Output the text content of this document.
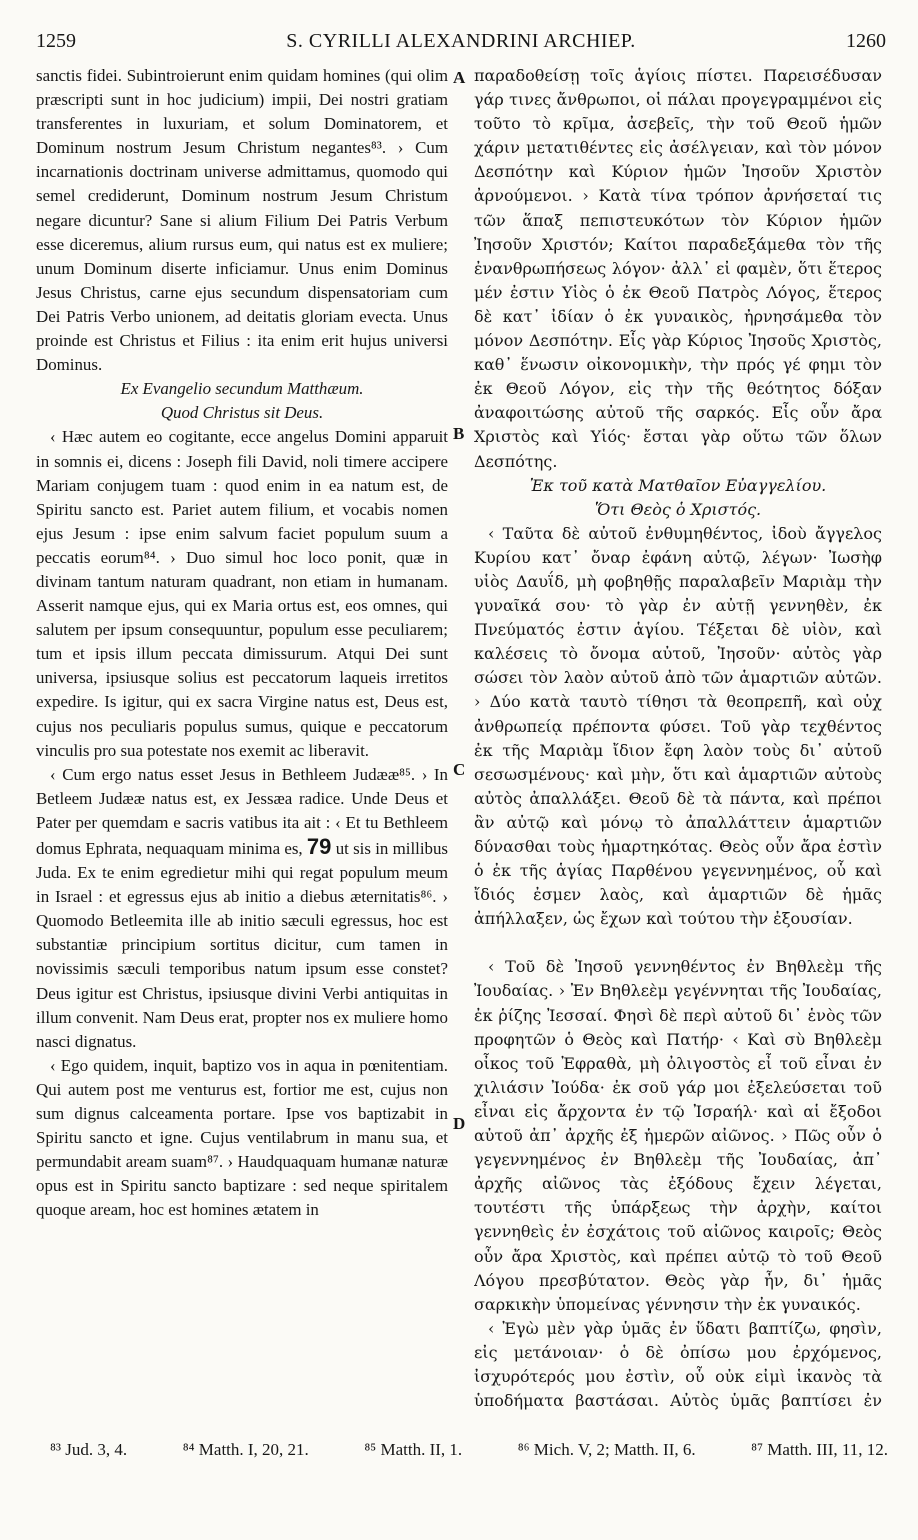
1259	S. CYRILLI ALEXANDRINI ARCHIEP.	1260
A
B
C
D

sanctis fidei. Subintroierunt enim quidam homines (qui olim præscripti sunt in hoc judicium) impii, Dei nostri gratiam transferentes in luxuriam, et solum Dominatorem, et Dominum nostrum Jesum Christum negantes⁸³. › Cum incarnationis doctrinam universe admittamus, quomodo qui semel crediderunt, Dominum nostrum Jesum Christum negare dicuntur? Sane si alium Filium Dei Patris Verbum esse diceremus, alium rursus eum, qui natus est ex muliere; unum Dominum diserte inficiamur. Unus enim Dominus Jesus Christus, carne ejus secundum dispensatoriam cum Dei Patris Verbo unionem, ad deitatis gloriam evecta. Unus proinde est Christus et Filius : ita enim erit hujus universi Dominus.

Ex Evangelio secundum Matthæum.

Quod Christus sit Deus.

‹ Hæc autem eo cogitante, ecce angelus Domini apparuit in somnis ei, dicens : Joseph fili David, noli timere accipere Mariam conjugem tuam : quod enim in ea natum est, de Spiritu sancto est. Pariet autem filium, et vocabis nomen ejus Jesum : ipse enim salvum faciet populum suum a peccatis eorum⁸⁴. › Duo simul hoc loco ponit, quæ in divinam tantum naturam quadrant, non etiam in humanam. Asserit namque ejus, qui ex Maria ortus est, eos omnes, qui salutem per ipsum consequuntur, populum esse peculiarem; tum et ipsis illum peccata dimissurum. Atqui Dei sunt universa, ipsiusque solius est peccatorum laqueis irretitos expedire. Is igitur, qui ex sacra Virgine natus est, Deus est, cujus nos peculiaris populus sumus, quique e peccatorum vinculis pro sua potestate nos exemit ac liberavit.

‹ Cum ergo natus esset Jesus in Bethleem Judææ⁸⁵. › In Betleem Judææ natus est, ex Jessæa radice. Unde Deus et Pater per quemdam e sacris vatibus ita ait : ‹ Et tu Bethleem domus Ephrata, nequaquam minima es, 79 ut sis in millibus Juda. Ex te enim egredietur mihi qui regat populum meum in Israel : et egressus ejus ab initio a diebus æternitatis⁸⁶. › Quomodo Betleemita ille ab initio sæculi egressus, hoc est substantiæ principium sortitus dicitur, cum tamen in novissimis sæculi temporibus natum ipsum esse constet? Deus igitur est Christus, ipsiusque divini Verbi antiquitas in illum convenit. Nam Deus erat, propter nos ex muliere homo nasci dignatus.

‹ Ego quidem, inquit, baptizo vos in aqua in pœnitentiam. Qui autem post me venturus est, fortior me est, cujus non sum dignus calceamenta portare. Ipse vos baptizabit in Spiritu sancto et igne. Cujus ventilabrum in manu sua, et permundabit aream suam⁸⁷. › Haudquaquam humanæ naturæ opus est in Spiritu sancto baptizare : sed neque spiritalem quoque aream, hoc est homines ætatem in

παραδοθείσῃ τοῖς ἁγίοις πίστει. Παρεισέδυσαν γάρ τινες ἄνθρωποι, οἱ πάλαι προγεγραμμένοι εἰς τοῦτο τὸ κρῖμα, ἀσεβεῖς, τὴν τοῦ Θεοῦ ἡμῶν χάριν μετατιθέντες εἰς ἀσέλγειαν, καὶ τὸν μόνον Δεσπότην καὶ Κύριον ἡμῶν Ἰησοῦν Χριστὸν ἀρνούμενοι. › Κατὰ τίνα τρόπον ἀρνήσεταί τις τῶν ἅπαξ πεπιστευκότων τὸν Κύριον ἡμῶν Ἰησοῦν Χριστόν; Καίτοι παραδεξάμεθα τὸν τῆς ἐνανθρωπήσεως λόγον· ἀλλ᾽ εἰ φαμὲν, ὅτι ἕτερος μέν ἐστιν Υἱὸς ὁ ἐκ Θεοῦ Πατρὸς Λόγος, ἕτερος δὲ κατ᾽ ἰδίαν ὁ ἐκ γυναικὸς, ἠρνησάμεθα τὸν μόνον Δεσπότην. Εἷς γὰρ Κύριος Ἰησοῦς Χριστὸς, καθ᾽ ἕνωσιν οἰκονομικὴν, τὴν πρός γέ φημι τὸν ἐκ Θεοῦ Λόγον, εἰς τὴν τῆς θεότητος δόξαν ἀναφοιτώσης αὐτοῦ τῆς σαρκός. Εἷς οὖν ἄρα Χριστὸς καὶ Υἱός· ἔσται γὰρ οὕτω τῶν ὅλων Δεσπότης.

Ἐκ τοῦ κατὰ Ματθαῖον Εὐαγγελίου.

Ὅτι Θεὸς ὁ Χριστός.

‹ Ταῦτα δὲ αὐτοῦ ἐνθυμηθέντος, ἰδοὺ ἄγγελος Κυρίου κατ᾽ ὄναρ ἐφάνη αὐτῷ, λέγων· Ἰωσὴφ υἱὸς Δαυΐδ, μὴ φοβηθῇς παραλαβεῖν Μαριὰμ τὴν γυναῖκά σου· τὸ γὰρ ἐν αὐτῇ γεννηθὲν, ἐκ Πνεύματός ἐστιν ἁγίου. Τέξεται δὲ υἱὸν, καὶ καλέσεις τὸ ὄνομα αὐτοῦ, Ἰησοῦν· αὐτὸς γὰρ σώσει τὸν λαὸν αὐτοῦ ἀπὸ τῶν ἁμαρτιῶν αὐτῶν. › Δύο κατὰ ταυτὸ τίθησι τὰ θεοπρεπῆ, καὶ οὐχ ἀνθρωπείᾳ πρέποντα φύσει. Τοῦ γὰρ τεχθέντος ἐκ τῆς Μαριὰμ ἴδιον ἔφη λαὸν τοὺς δι᾽ αὐτοῦ σεσωσμένους· καὶ μὴν, ὅτι καὶ ἁμαρτιῶν αὐτοὺς αὐτὸς ἀπαλλάξει. Θεοῦ δὲ τὰ πάντα, καὶ πρέποι ἂν αὐτῷ καὶ μόνῳ τὸ ἀπαλλάττειν ἁμαρτιῶν δύνασθαι τοὺς ἡμαρτηκότας. Θεὸς οὖν ἄρα ἐστὶν ὁ ἐκ τῆς ἁγίας Παρθένου γεγεννημένος, οὗ καὶ ἴδιός ἐσμεν λαὸς, καὶ ἁμαρτιῶν δὲ ἡμᾶς ἀπήλλαξεν, ὡς ἔχων καὶ τούτου τὴν ἐξουσίαν.

‹ Τοῦ δὲ Ἰησοῦ γεννηθέντος ἐν Βηθλεὲμ τῆς Ἰουδαίας. › Ἐν Βηθλεὲμ γεγέννηται τῆς Ἰουδαίας, ἐκ ῥίζης Ἰεσσαί. Φησὶ δὲ περὶ αὐτοῦ δι᾽ ἑνὸς τῶν προφητῶν ὁ Θεὸς καὶ Πατήρ· ‹ Καὶ σὺ Βηθλεὲμ οἶκος τοῦ Ἐφραθὰ, μὴ ὀλιγοστὸς εἶ τοῦ εἶναι ἐν χιλιάσιν Ἰούδα· ἐκ σοῦ γάρ μοι ἐξελεύσεται τοῦ εἶναι εἰς ἄρχοντα ἐν τῷ Ἰσραήλ· καὶ αἱ ἔξοδοι αὐτοῦ ἀπ᾽ ἀρχῆς ἐξ ἡμερῶν αἰῶνος. › Πῶς οὖν ὁ γεγεννημένος ἐν Βηθλεὲμ τῆς Ἰουδαίας, ἀπ᾽ ἀρχῆς αἰῶνος τὰς ἐξόδους ἔχειν λέγεται, τουτέστι τῆς ὑπάρξεως τὴν ἀρχὴν, καίτοι γεννηθεὶς ἐν ἐσχάτοις τοῦ αἰῶνος καιροῖς; Θεὸς οὖν ἄρα Χριστὸς, καὶ πρέπει αὐτῷ τὸ τοῦ Θεοῦ Λόγου πρεσβύτατον. Θεὸς γὰρ ἦν, δι᾽ ἡμᾶς σαρκικὴν ὑπομείνας γέννησιν τὴν ἐκ γυναικός.

‹ Ἐγὼ μὲν γὰρ ὑμᾶς ἐν ὕδατι βαπτίζω, φησὶν, εἰς μετάνοιαν· ὁ δὲ ὀπίσω μου ἐρχόμενος, ἰσχυρότερός μου ἐστὶν, οὗ οὐκ εἰμὶ ἱκανὸς τὰ ὑποδήματα βαστάσαι. Αὐτὸς ὑμᾶς βαπτίσει ἐν

⁸³ Jud. 3, 4.	⁸⁴ Matth. I, 20, 21.	⁸⁵ Matth. II, 1.	⁸⁶ Mich. V, 2; Matth. II, 6.	⁸⁷ Matth. III, 11, 12.
